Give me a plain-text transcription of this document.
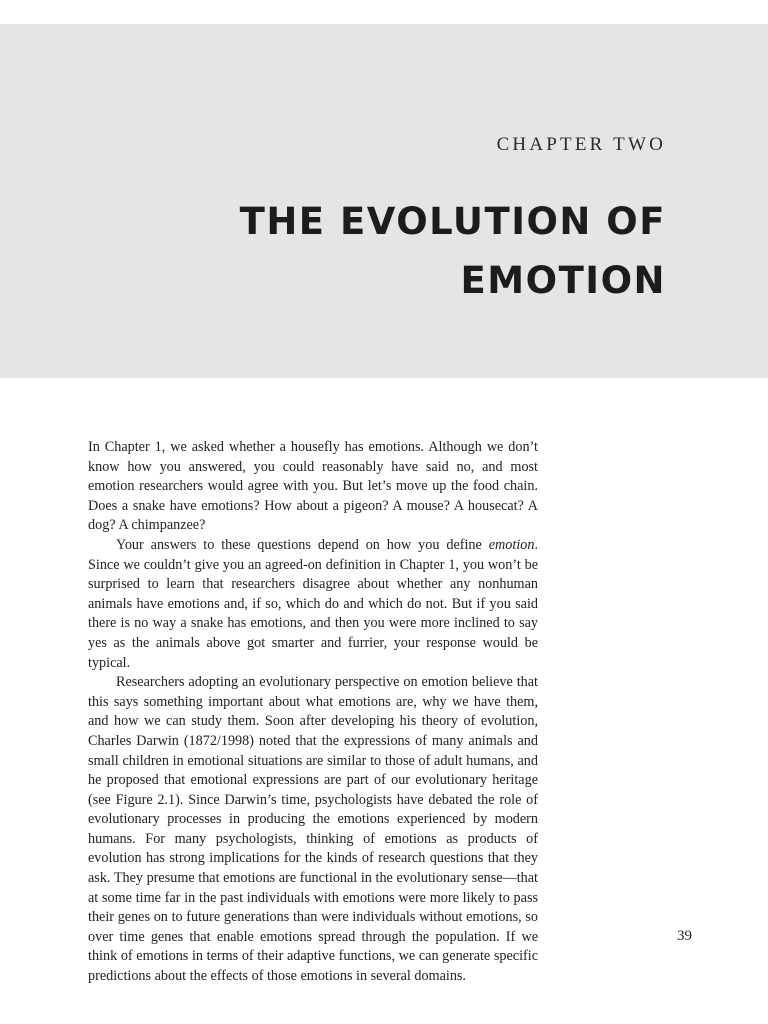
CHAPTER TWO
THE EVOLUTION OF EMOTION

In Chapter 1, we asked whether a housefly has emotions. Although we don’t know how you answered, you could reasonably have said no, and most emotion researchers would agree with you. But let’s move up the food chain. Does a snake have emotions? How about a pigeon? A mouse? A housecat? A dog? A chimpanzee?

Your answers to these questions depend on how you define emotion. Since we couldn’t give you an agreed-on definition in Chapter 1, you won’t be surprised to learn that researchers disagree about whether any nonhuman animals have emotions and, if so, which do and which do not. But if you said there is no way a snake has emotions, and then you were more inclined to say yes as the animals above got smarter and furrier, your response would be typical.

Researchers adopting an evolutionary perspective on emotion believe that this says something important about what emotions are, why we have them, and how we can study them. Soon after developing his theory of evolution, Charles Darwin (1872/1998) noted that the expressions of many animals and small children in emotional situations are similar to those of adult humans, and he proposed that emotional expressions are part of our evolutionary heritage (see Figure 2.1). Since Darwin’s time, psychologists have debated the role of evolutionary processes in producing the emotions experienced by modern humans. For many psychologists, thinking of emotions as products of evolution has strong implications for the kinds of research questions that they ask. They presume that emotions are functional in the evolutionary sense—that at some time far in the past individuals with emotions were more likely to pass their genes on to future generations than were individuals without emotions, so over time genes that enable emotions spread through the population. If we think of emotions in terms of their adaptive functions, we can generate specific predictions about the effects of those emotions in several domains.

39
